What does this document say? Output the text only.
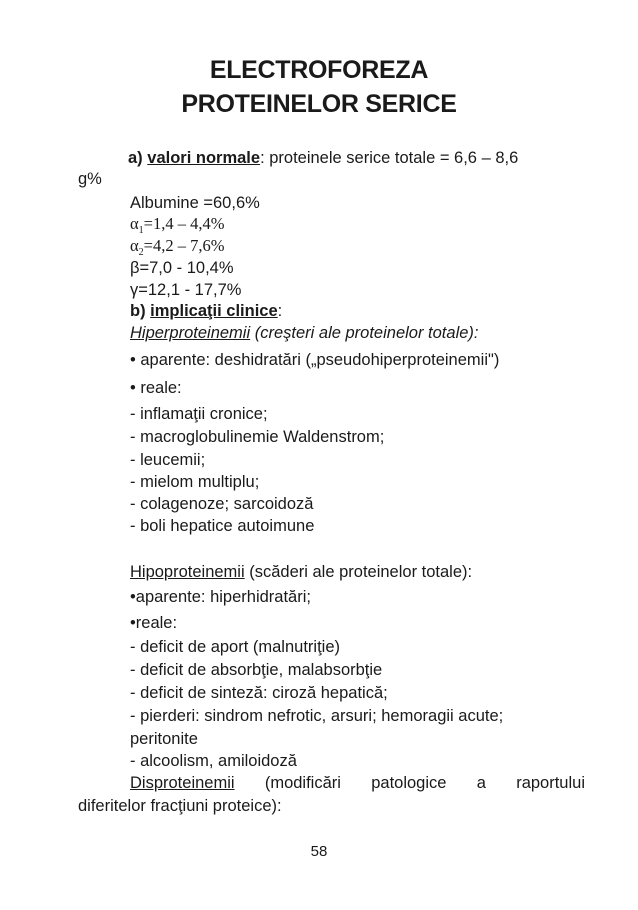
ELECTROFOREZA
PROTEINELOR SERICE
a) valori normale: proteinele serice totale = 6,6 – 8,6
g%
Albumine =60,6%
$\alpha_1=1,4 - 4,4\%$
$\alpha_2=4,2 - 7,6\%$
β=7,0 - 10,4%
γ=12,1 - 17,7%
b) implicaţii clinice:
Hiperproteinemii (creşteri ale proteinelor totale):
• aparente: deshidratări („pseudohiperproteinemii")
• reale:
- inflamaţii cronice;
- macroglobulinemie Waldenstrom;
- leucemii;
- mielom multiplu;
- colagenoze; sarcoidoză
- boli hepatice autoimune
Hipoproteinemii (scăderi ale proteinelor totale):
•aparente: hiperhidratări;
•reale:
- deficit de aport (malnutriţie)
- deficit de absorbţie, malabsorbţie
- deficit de sinteză: ciroză hepatică;
- pierderi: sindrom nefrotic, arsuri; hemoragii acute;
peritonite
- alcoolism, amiloidoză
Disproteinemii (modificări patologice a raportului
diferitelor fracţiuni proteice):
58
